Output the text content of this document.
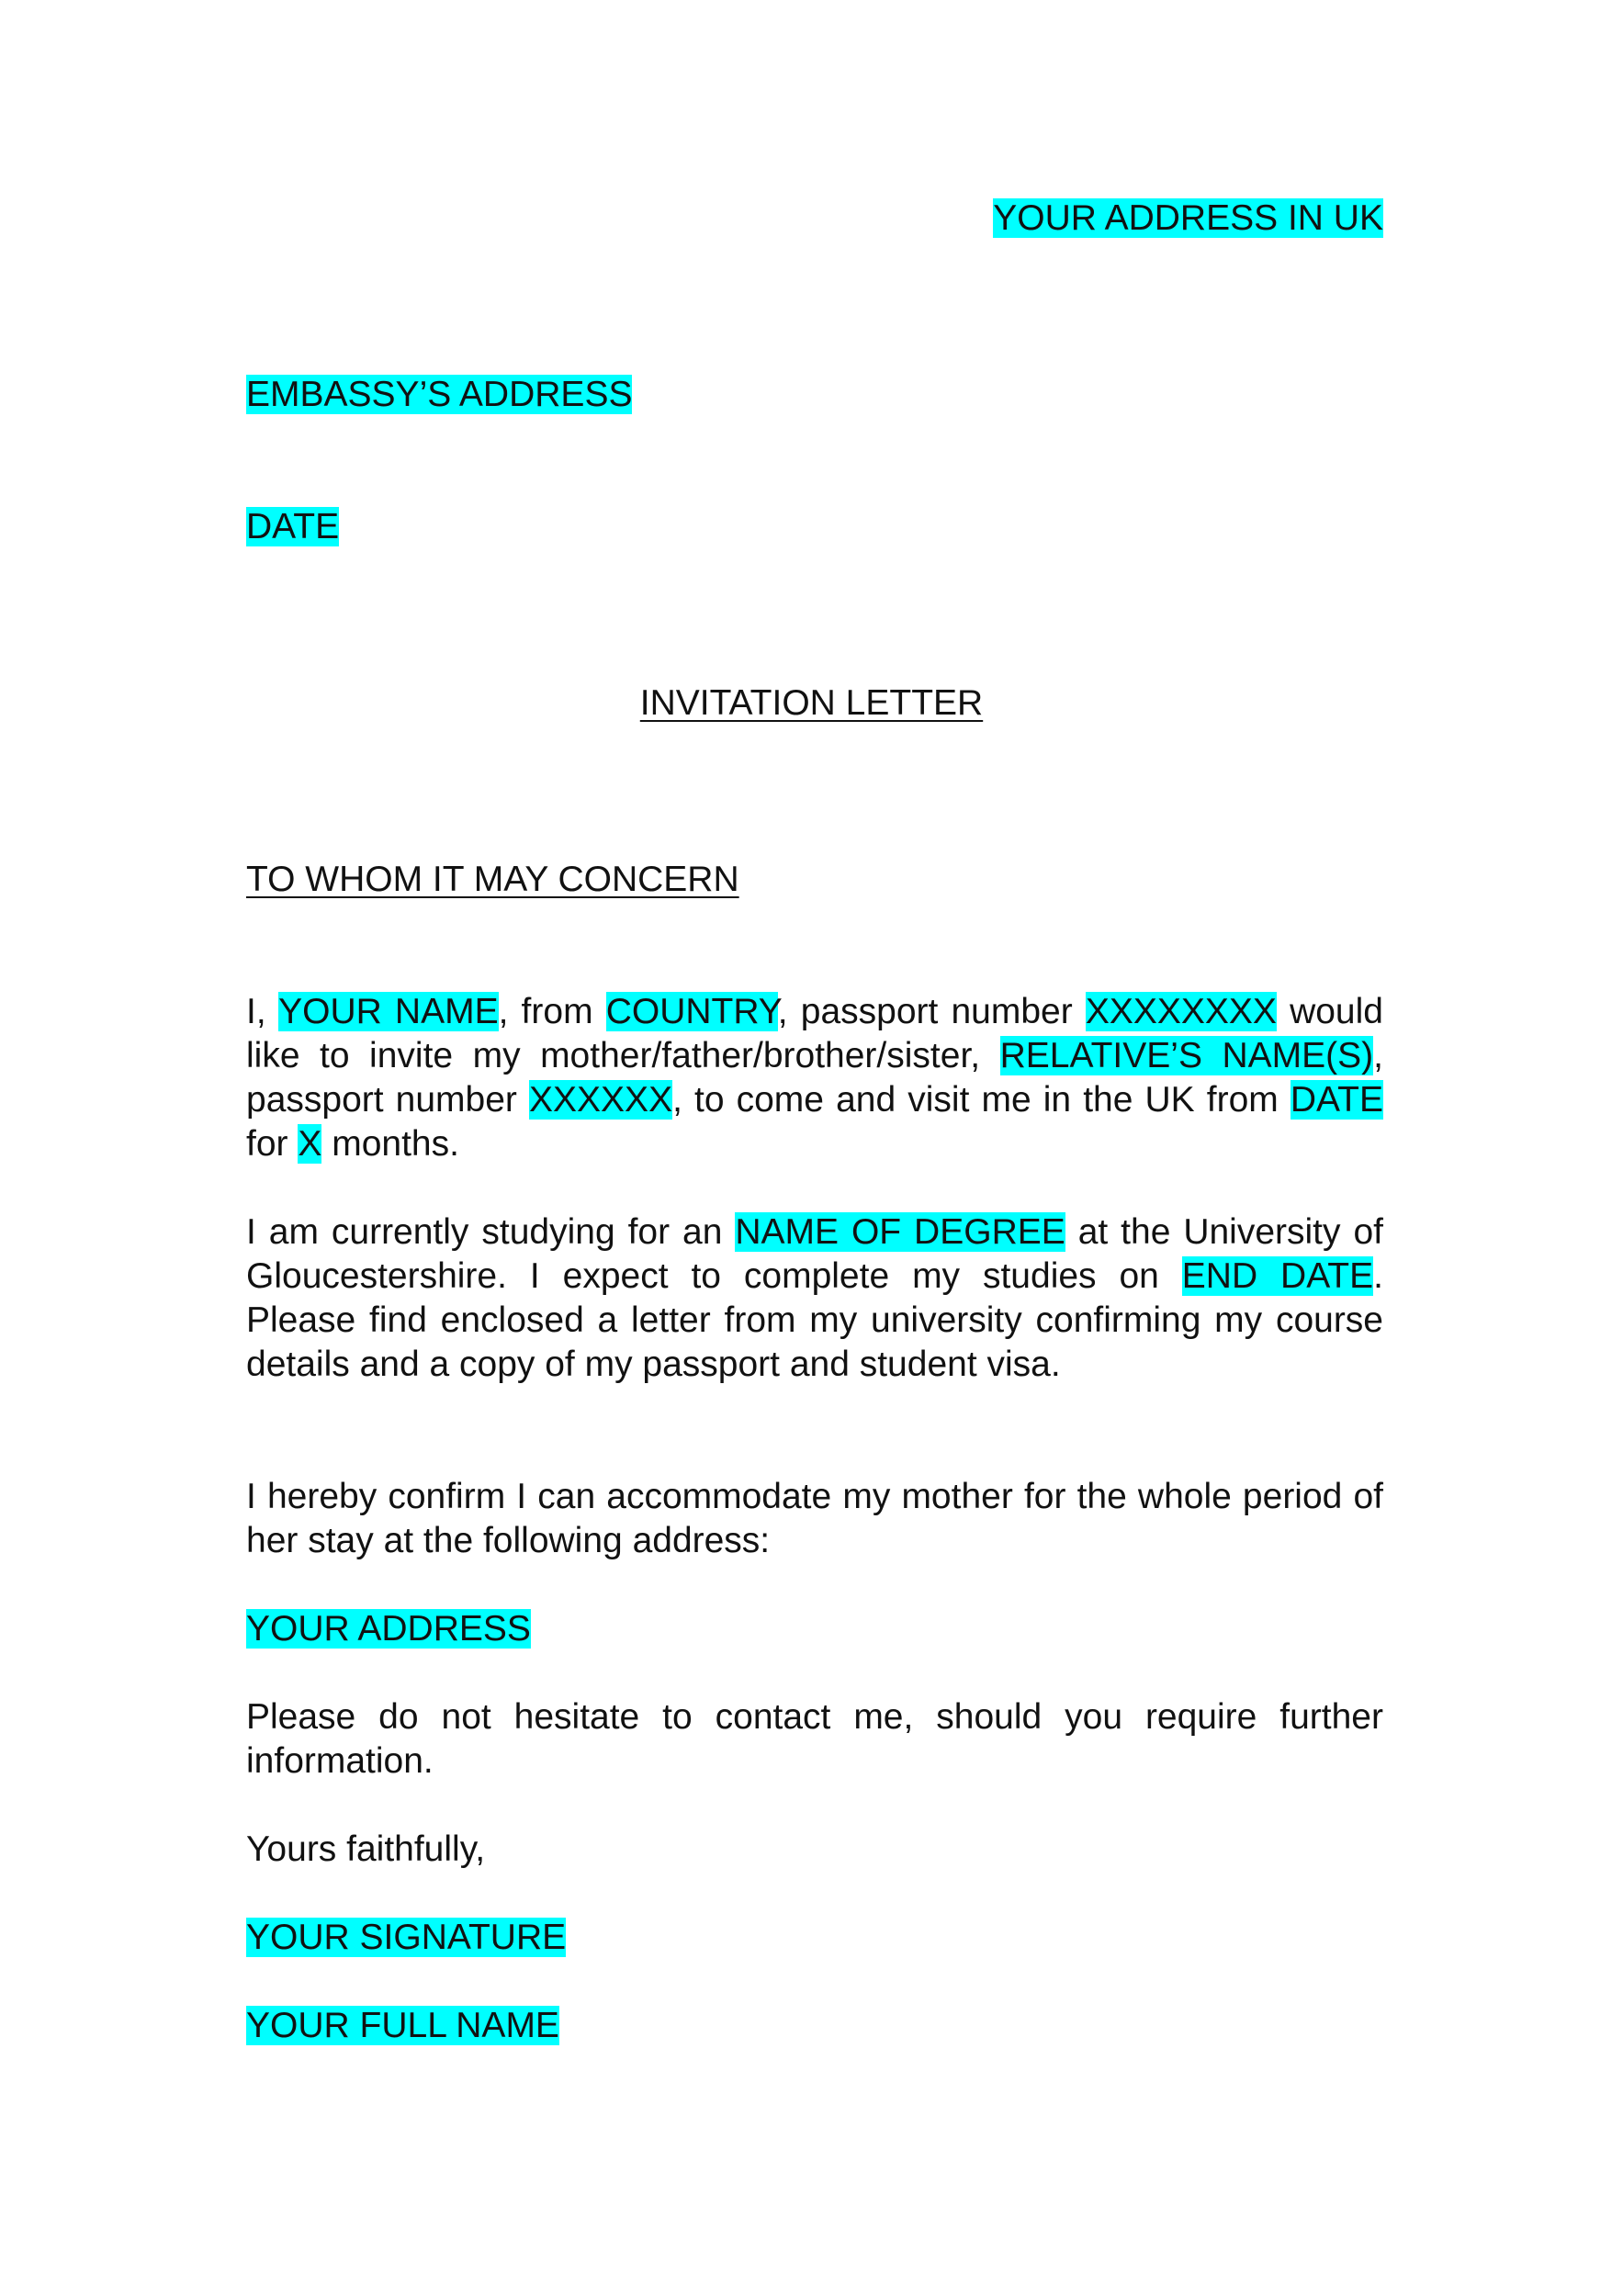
YOUR ADDRESS IN UK
EMBASSY’S ADDRESS
DATE
INVITATION LETTER
TO WHOM IT MAY CONCERN
I, YOUR NAME, from COUNTRY, passport number XXXXXXXX would like to invite my mother/father/brother/sister, RELATIVE’S NAME(S), passport number XXXXXX, to come and visit me in the UK from DATE for X months.
I am currently studying for an NAME OF DEGREE at the University of Gloucestershire. I expect to complete my studies on END DATE. Please find enclosed a letter from my university confirming my course details and a copy of my passport and student visa.
I hereby confirm I can accommodate my mother for the whole period of her stay at the following address:
YOUR ADDRESS
Please do not hesitate to contact me, should you require further information.
Yours faithfully,
YOUR SIGNATURE
YOUR FULL NAME
